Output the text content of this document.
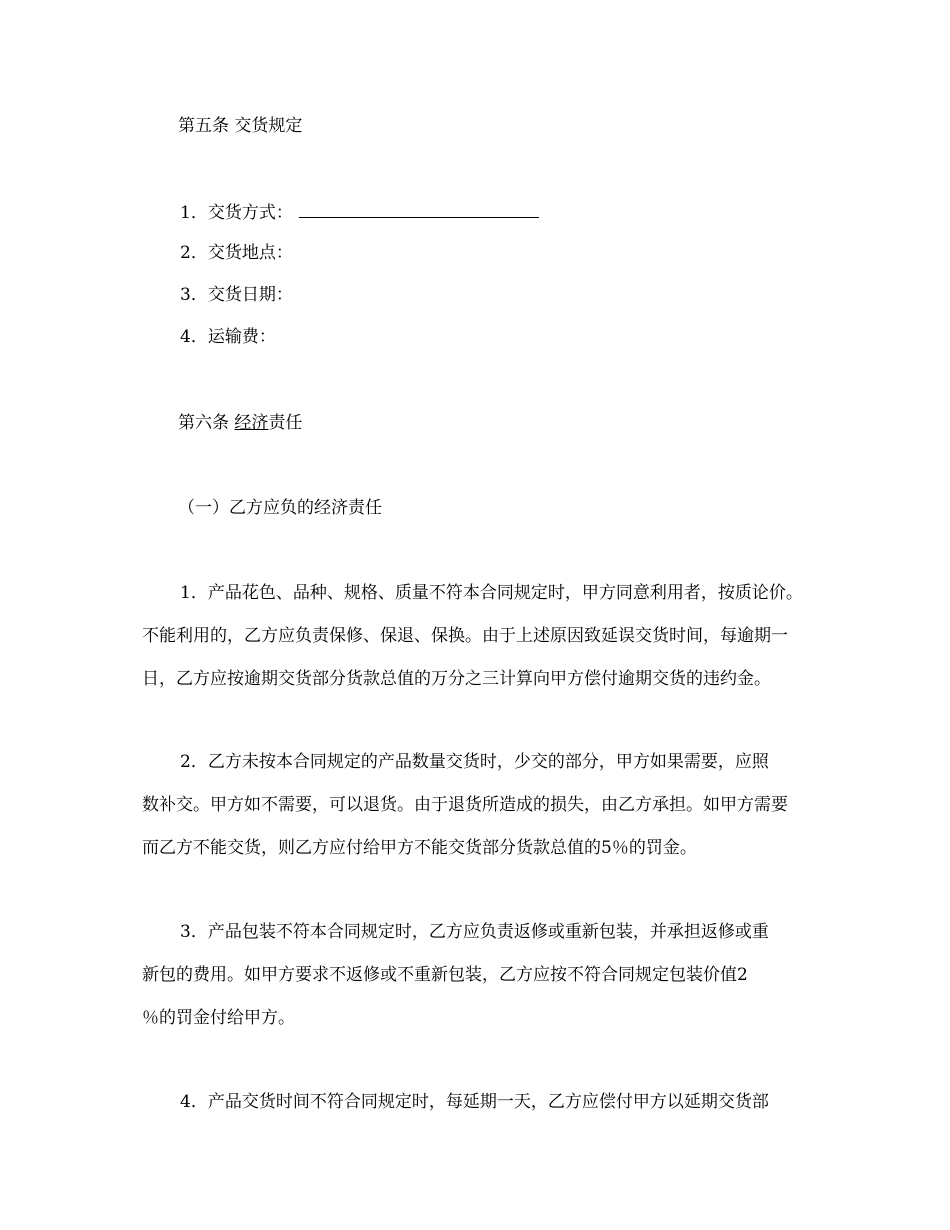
第五条 交货规定
1．交货方式：
2．交货地点：
3．交货日期：
4．运输费：
第六条 经济责任
（一）乙方应负的经济责任
1．产品花色、品种、规格、质量不符本合同规定时，甲方同意利用者，按质论价。
不能利用的，乙方应负责保修、保退、保换。由于上述原因致延误交货时间，每逾期一
日，乙方应按逾期交货部分货款总值的万分之三计算向甲方偿付逾期交货的违约金。
2．乙方未按本合同规定的产品数量交货时，少交的部分，甲方如果需要，应照
数补交。甲方如不需要，可以退货。由于退货所造成的损失，由乙方承担。如甲方需要
而乙方不能交货，则乙方应付给甲方不能交货部分货款总值的5％的罚金。
3．产品包装不符本合同规定时，乙方应负责返修或重新包装，并承担返修或重
新包的费用。如甲方要求不返修或不重新包装，乙方应按不符合同规定包装价值2
％的罚金付给甲方。
4．产品交货时间不符合同规定时，每延期一天，乙方应偿付甲方以延期交货部
